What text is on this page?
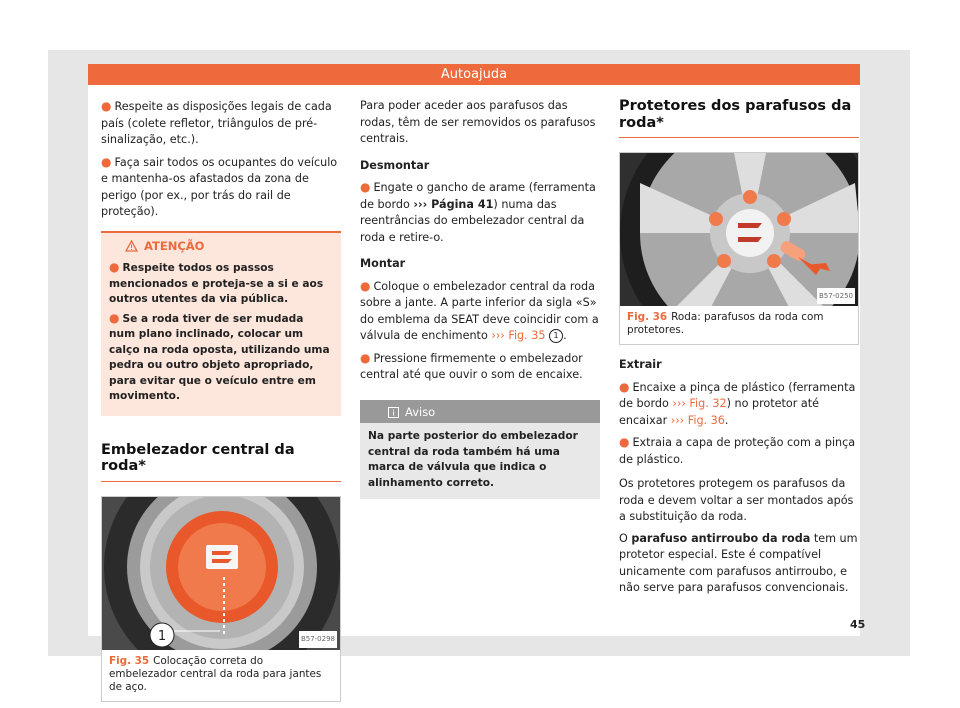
Autoajuda

● Respeite as disposições legais de cada país (colete refletor, triângulos de pré-sinalização, etc.).

● Faça sair todos os ocupantes do veículo e mantenha-os afastados da zona de perigo (por ex., por trás do rail de proteção).

ATENÇÃO

● Respeite todos os passos mencionados e proteja-se a si e aos outros utentes da via pública.

● Se a roda tiver de ser mudada num plano inclinado, colocar um calço na roda opostа, utilizando uma pedra ou outro objeto apropriado, para evitar que o veículo entre em movimento.

Embelezador central da roda*
1	B57-0298
Fig. 35 Colocação correta do embelezador central da roda para jantes de aço.

Para poder aceder aos parafusos das rodas, têm de ser removidos os parafusos centrais.

Desmontar

● Engate o gancho de arame (ferramenta de bordo ››› Página 41) numa das reentrâncias do embelezador central da roda e retire-o.

Montar

● Coloque o embelezador central da roda sobre a jante. A parte inferior da sigla «S» do emblema da SEAT deve coincidir com a válvula de enchimento ››› Fig. 35 1 .

● Pressione firmemente o embelezador central até que ouvir o som de encaixe.

Aviso
Na parte posterior do embelezador central da roda também há uma marca de válvula que indica o alinhamento correto.
Protetores dos parafusos da roda*
B57-0250
Fig. 36 Roda: parafusos da roda com protetores.

Extrair

● Encaixe a pinça de plástico (ferramenta de bordo ››› Fig. 32) no protetor até encaixar ››› Fig. 36.

● Extraia a capa de proteção com a pinça de plástico.

Os protetores protegem os parafusos da roda e devem voltar a ser montados após a substituição da roda.

O parafuso antirroubo da roda tem um protetor especial. Este é compatível unicamente com parafusos antirroubo, e não serve para parafusos convencionais.

45
